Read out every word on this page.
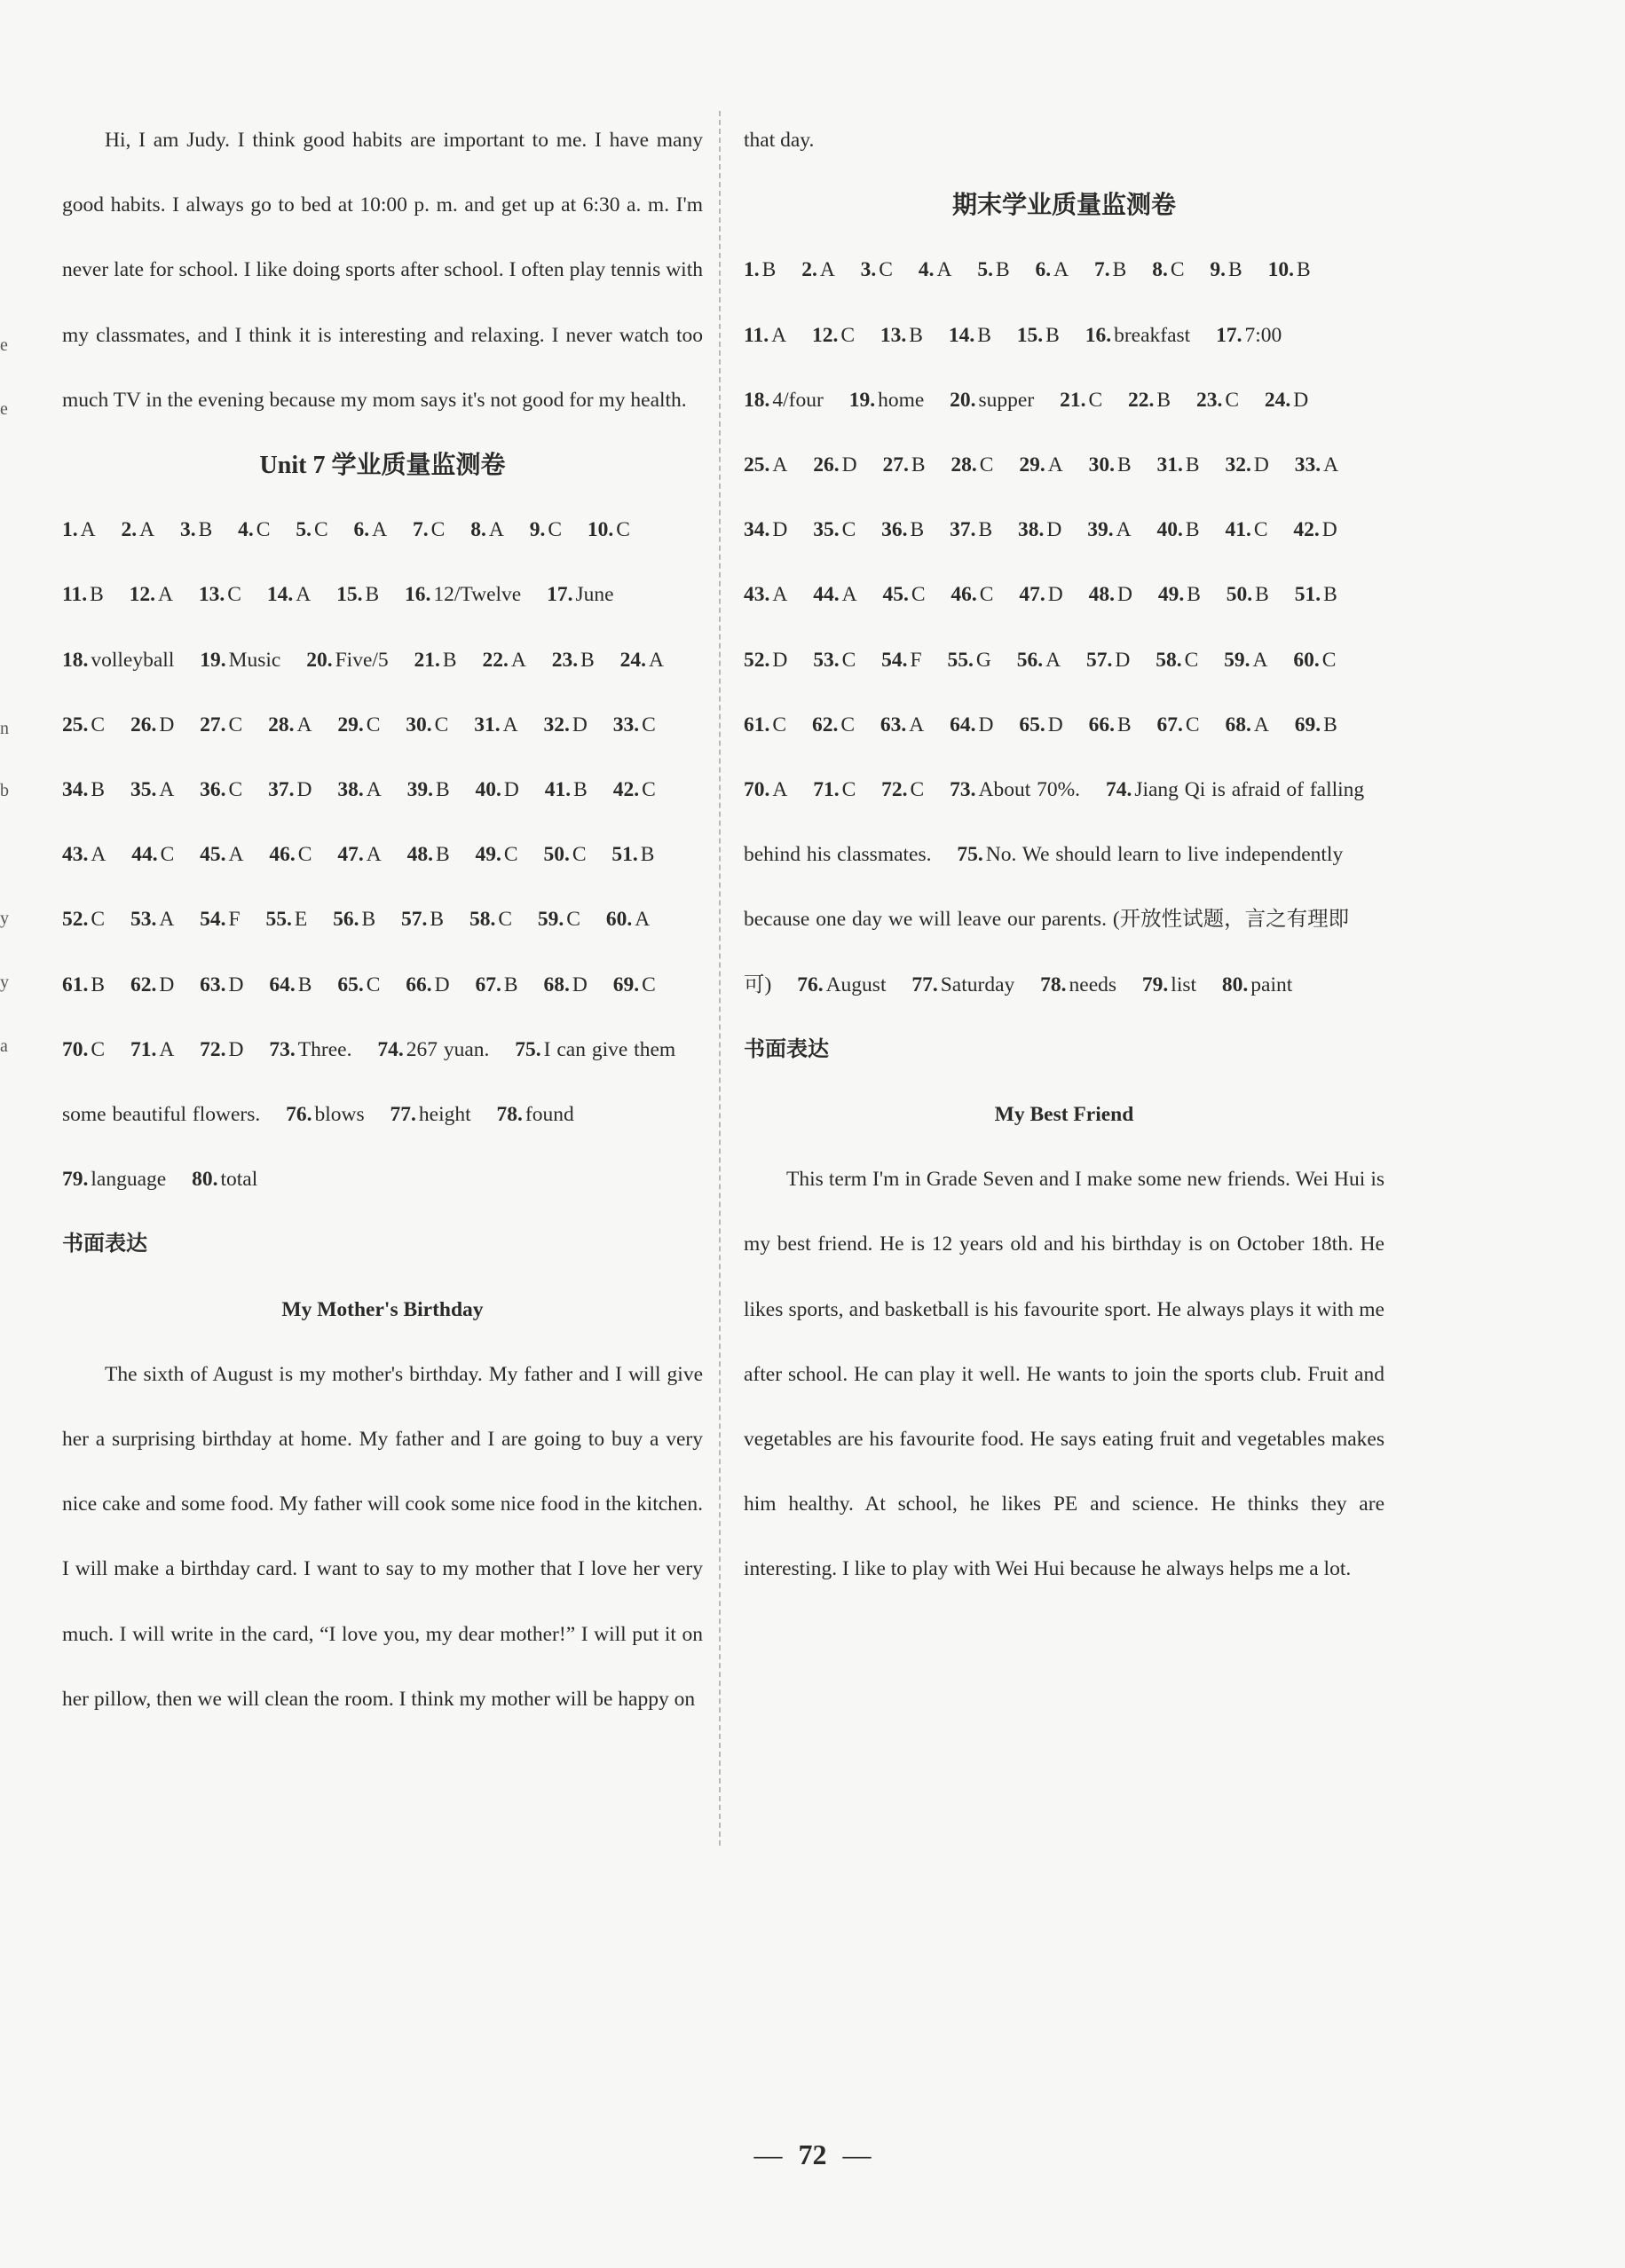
e
e
n
b
y
y
a

Hi, I am Judy. I think good habits are important to me. I have many good habits. I always go to bed at 10:00 p. m. and get up at 6:30 a. m. I'm never late for school. I like doing sports after school. I often play tennis with my classmates, and I think it is interesting and relaxing. I never watch too much TV in the evening because my mom says it's not good for my health.

Unit 7 学业质量监测卷

1. A 2. A 3. B 4. C 5. C 6. A 7. C 8. A 9. C 10. C 11. B 12. A 13. C 14. A 15. B 16. 12/Twelve 17. June 18. volleyball 19. Music 20. Five/5 21. B 22. A 23. B 24. A 25. C 26. D 27. C 28. A 29. C 30. C 31. A 32. D 33. C 34. B 35. A 36. C 37. D 38. A 39. B 40. D 41. B 42. C 43. A 44. C 45. A 46. C 47. A 48. B 49. C 50. C 51. B 52. C 53. A 54. F 55. E 56. B 57. B 58. C 59. C 60. A 61. B 62. D 63. D 64. B 65. C 66. D 67. B 68. D 69. C 70. C 71. A 72. D 73. Three. 74. 267 yuan. 75. I can give them some beautiful flowers. 76. blows 77. height 78. found 79. language 80. total

书面表达

My Mother's Birthday

The sixth of August is my mother's birthday. My father and I will give her a surprising birthday at home. My father and I are going to buy a very nice cake and some food. My father will cook some nice food in the kitchen. I will make a birthday card. I want to say to my mother that I love her very much. I will write in the card, “I love you, my dear mother!” I will put it on her pillow, then we will clean the room. I think my mother will be happy on

that day.

期末学业质量监测卷

1. B 2. A 3. C 4. A 5. B 6. A 7. B 8. C 9. B 10. B 11. A 12. C 13. B 14. B 15. B 16. breakfast 17. 7:00 18. 4/four 19. home 20. supper 21. C 22. B 23. C 24. D 25. A 26. D 27. B 28. C 29. A 30. B 31. B 32. D 33. A 34. D 35. C 36. B 37. B 38. D 39. A 40. B 41. C 42. D 43. A 44. A 45. C 46. C 47. D 48. D 49. B 50. B 51. B 52. D 53. C 54. F 55. G 56. A 57. D 58. C 59. A 60. C 61. C 62. C 63. A 64. D 65. D 66. B 67. C 68. A 69. B 70. A 71. C 72. C 73. About 70%. 74. Jiang Qi is afraid of falling behind his classmates. 75. No. We should learn to live independently because one day we will leave our parents. (开放性试题，言之有理即可) 76. August 77. Saturday 78. needs 79. list 80. paint

书面表达

My Best Friend

This term I'm in Grade Seven and I make some new friends. Wei Hui is my best friend. He is 12 years old and his birthday is on October 18th. He likes sports, and basketball is his favourite sport. He always plays it with me after school. He can play it well. He wants to join the sports club. Fruit and vegetables are his favourite food. He says eating fruit and vegetables makes him healthy. At school, he likes PE and science. He thinks they are interesting. I like to play with Wei Hui because he always helps me a lot.

— 72 —
